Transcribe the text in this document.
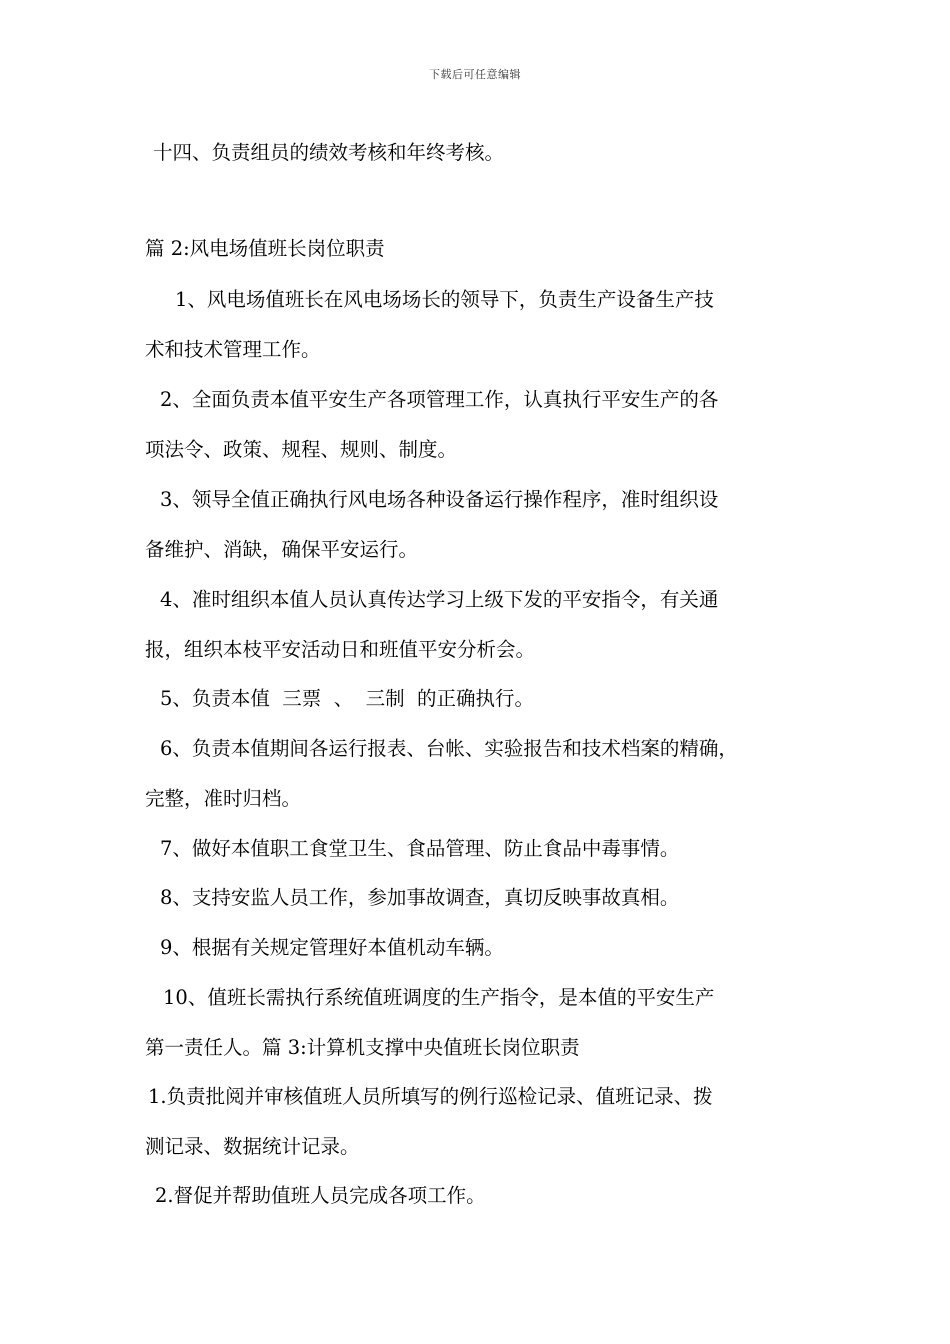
下载后可任意编辑
十四、负责组员的绩效考核和年终考核。
篇 2:风电场值班长岗位职责
1、风电场值班长在风电场场长的领导下，负责生产设备生产技
术和技术管理工作。
2、全面负责本值平安生产各项管理工作，认真执行平安生产的各
项法令、政策、规程、规则、制度。
3、领导全值正确执行风电场各种设备运行操作程序，准时组织设
备维护、消缺，确保平安运行。
4、准时组织本值人员认真传达学习上级下发的平安指令，有关通
报，组织本枝平安活动日和班值平安分析会。
5、负责本值  三票  、  三制  的正确执行。
6、负责本值期间各运行报表、台帐、实验报告和技术档案的精确，
完整，准时归档。
7、做好本值职工食堂卫生、食品管理、防止食品中毒事情。
8、支持安监人员工作，参加事故调查，真切反映事故真相。
9、根据有关规定管理好本值机动车辆。
10、值班长需执行系统值班调度的生产指令，是本值的平安生产
第一责任人。篇 3:计算机支撑中央值班长岗位职责
1.负责批阅并审核值班人员所填写的例行巡检记录、值班记录、拨
测记录、数据统计记录。
2.督促并帮助值班人员完成各项工作。
